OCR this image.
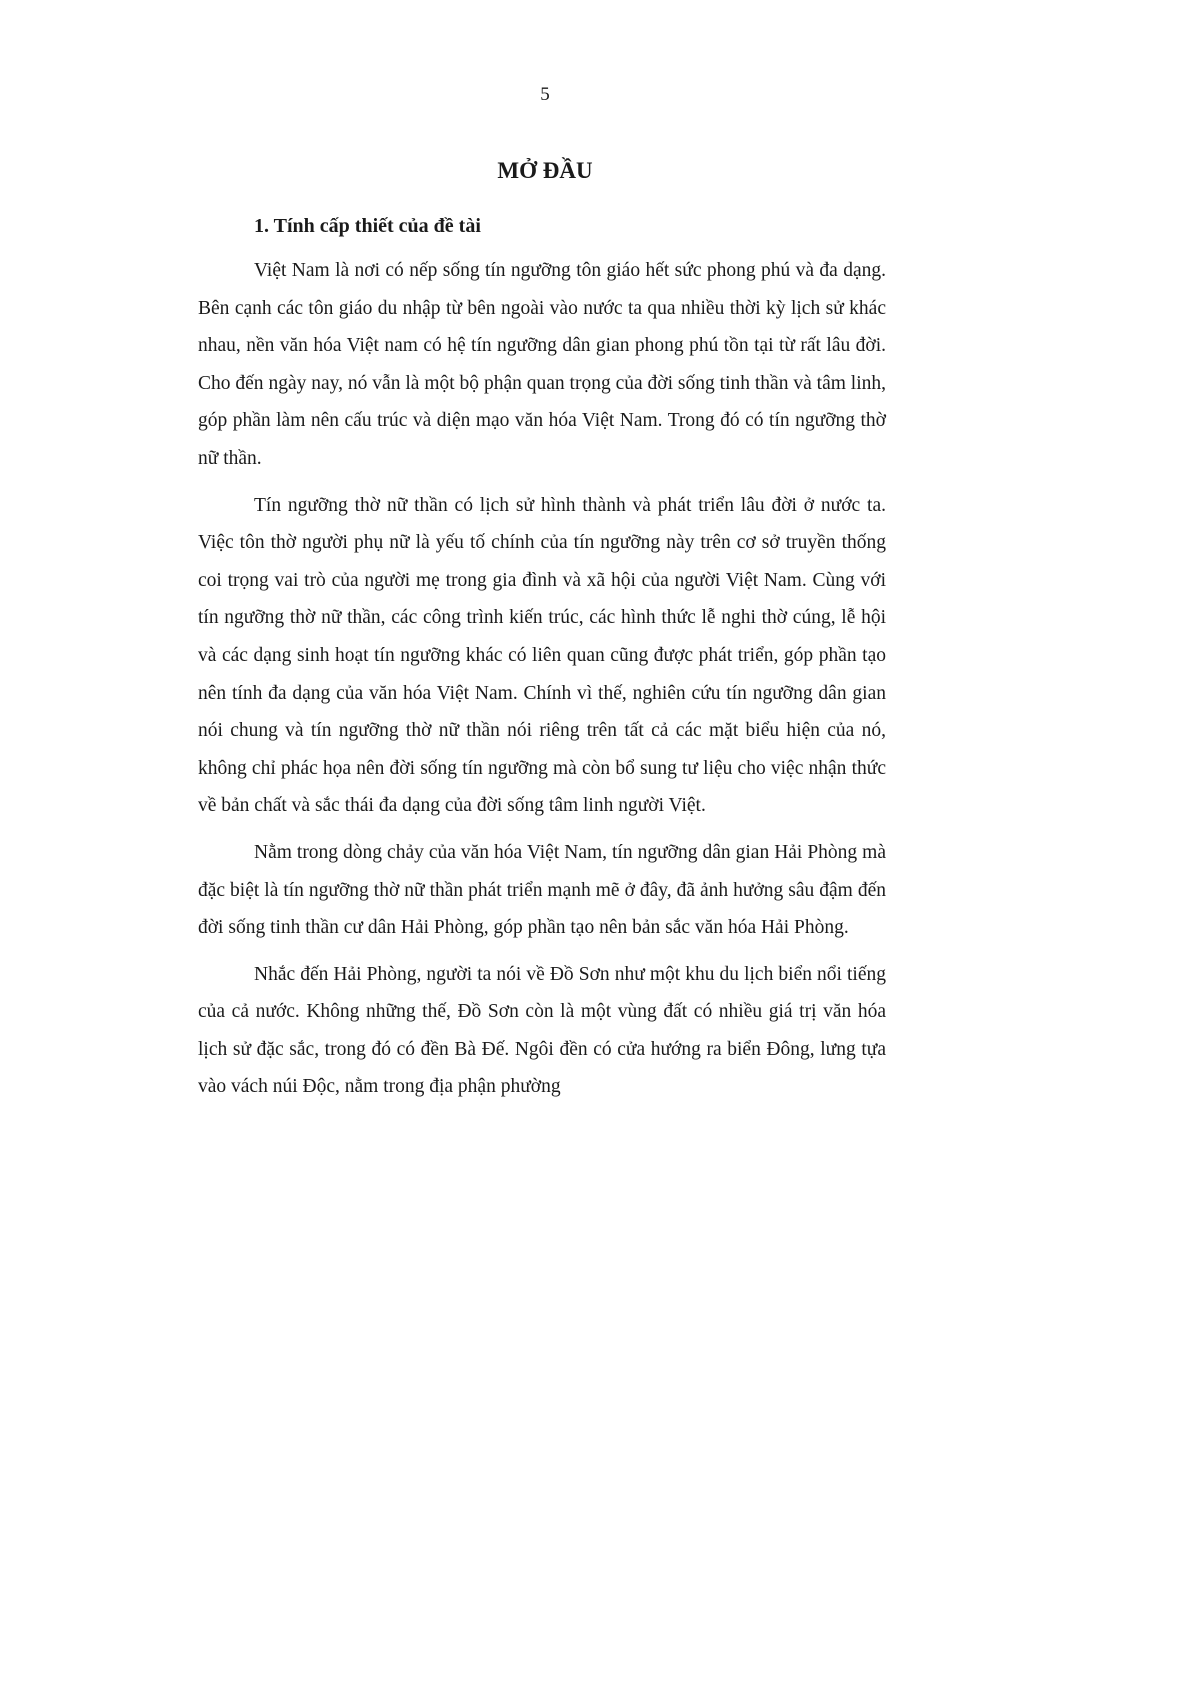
5
MỞ ĐẦU
1. Tính cấp thiết của đề tài

Việt Nam là nơi có nếp sống tín ngưỡng tôn giáo hết sức phong phú và đa dạng. Bên cạnh các tôn giáo du nhập từ bên ngoài vào nước ta qua nhiều thời kỳ lịch sử khác nhau, nền văn hóa Việt nam có hệ tín ngưỡng dân gian phong phú tồn tại từ rất lâu đời. Cho đến ngày nay, nó vẫn là một bộ phận quan trọng của đời sống tinh thần và tâm linh, góp phần làm nên cấu trúc và diện mạo văn hóa Việt Nam. Trong đó có tín ngưỡng thờ nữ thần.

Tín ngưỡng thờ nữ thần có lịch sử hình thành và phát triển lâu đời ở nước ta. Việc tôn thờ người phụ nữ là yếu tố chính của tín ngưỡng này trên cơ sở truyền thống coi trọng vai trò của người mẹ trong gia đình và xã hội của người Việt Nam. Cùng với tín ngưỡng thờ nữ thần, các công trình kiến trúc, các hình thức lễ nghi thờ cúng, lễ hội và các dạng sinh hoạt tín ngưỡng khác có liên quan cũng được phát triển, góp phần tạo nên tính đa dạng của văn hóa Việt Nam. Chính vì thế, nghiên cứu tín ngưỡng dân gian nói chung và tín ngưỡng thờ nữ thần nói riêng trên tất cả các mặt biểu hiện của nó, không chỉ phác họa nên đời sống tín ngưỡng mà còn bổ sung tư liệu cho việc nhận thức về bản chất và sắc thái đa dạng của đời sống tâm linh người Việt.

Nằm trong dòng chảy của văn hóa Việt Nam, tín ngưỡng dân gian Hải Phòng mà đặc biệt là tín ngưỡng thờ nữ thần phát triển mạnh mẽ ở đây, đã ảnh hưởng sâu đậm đến đời sống tinh thần cư dân Hải Phòng, góp phần tạo nên bản sắc văn hóa Hải Phòng.

Nhắc đến Hải Phòng, người ta nói về Đồ Sơn như một khu du lịch biển nổi tiếng của cả nước. Không những thế, Đồ Sơn còn là một vùng đất có nhiều giá trị văn hóa lịch sử đặc sắc, trong đó có đền Bà Đế. Ngôi đền có cửa hướng ra biển Đông, lưng tựa vào vách núi Độc, nằm trong địa phận phường
